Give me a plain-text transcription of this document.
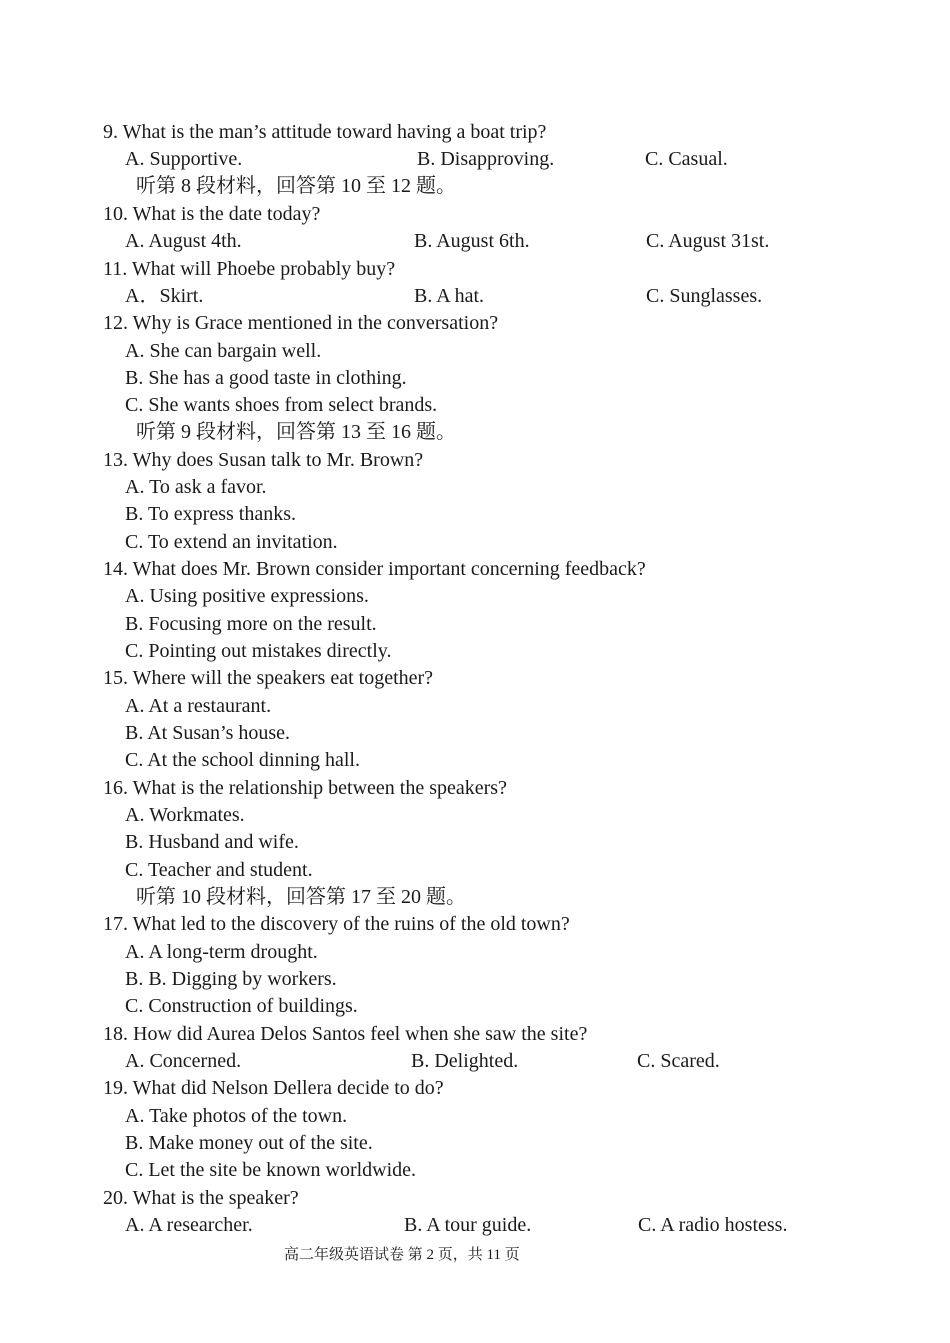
9. What is the man’s attitude toward having a boat trip?
A. Supportive.	B. Disapproving.	C. Casual.
听第 8 段材料，回答第 10 至 12 题。
10. What is the date today?
A. August 4th.	B. August 6th.	C. August 31st.
11. What will Phoebe probably buy?
A．Skirt.	B. A hat.	C. Sunglasses.
12. Why is Grace mentioned in the conversation?
A. She can bargain well.
B. She has a good taste in clothing.
C. She wants shoes from select brands.
听第 9 段材料，回答第 13 至 16 题。
13. Why does Susan talk to Mr. Brown?
A. To ask a favor.
B. To express thanks.
C. To extend an invitation.
14. What does Mr. Brown consider important concerning feedback?
A. Using positive expressions.
B. Focusing more on the result.
C. Pointing out mistakes directly.
15. Where will the speakers eat together?
A. At a restaurant.
B. At Susan’s house.
C. At the school dinning hall.
16. What is the relationship between the speakers?
A. Workmates.
B. Husband and wife.
C. Teacher and student.
听第 10 段材料，回答第 17 至 20 题。
17. What led to the discovery of the ruins of the old town?
A. A long-term drought.
B. B. Digging by workers.
C. Construction of buildings.
18. How did Aurea Delos Santos feel when she saw the site?
A. Concerned.	B. Delighted.	C. Scared.
19. What did Nelson Dellera decide to do?
A. Take photos of the town.
B. Make money out of the site.
C. Let the site be known worldwide.
20. What is the speaker?
A. A researcher.	B. A tour guide.	C. A radio hostess.
高二年级英语试卷 第 2 页，共 11 页
